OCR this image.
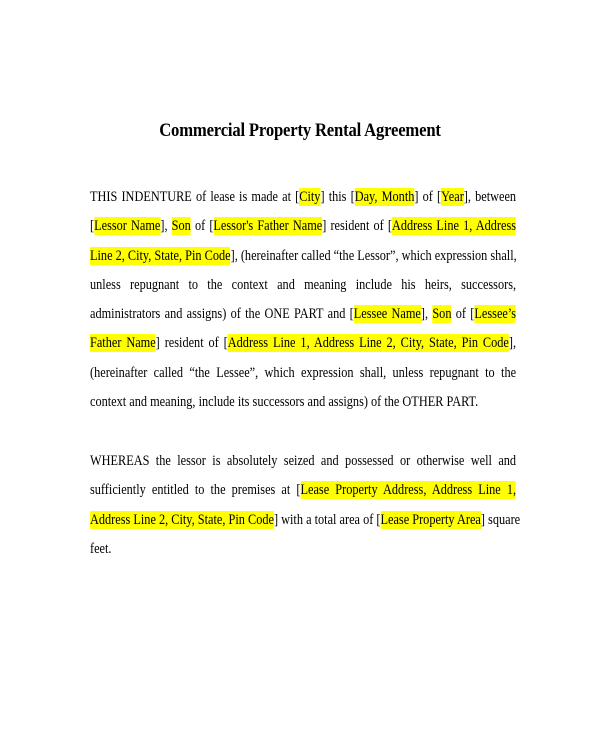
Commercial Property Rental Agreement
THIS INDENTURE of lease is made at [City] this [Day, Month] of [Year], between
[Lessor Name], Son of [Lessor's Father Name] resident of [Address Line 1, Address
Line 2, City, State, Pin Code], (hereinafter called “the Lessor”, which expression shall,
unless repugnant to the context and meaning include his heirs, successors,
administrators and assigns) of the ONE PART and [Lessee Name], Son of [Lessee’s
Father Name] resident of [Address Line 1, Address Line 2, City, State, Pin Code],
(hereinafter called “the Lessee”, which expression shall, unless repugnant to the
context and meaning, include its successors and assigns) of the OTHER PART.
WHEREAS the lessor is absolutely seized and possessed or otherwise well and
sufficiently entitled to the premises at [Lease Property Address, Address Line 1,
Address Line 2, City, State, Pin Code] with a total area of [Lease Property Area] square
feet.
